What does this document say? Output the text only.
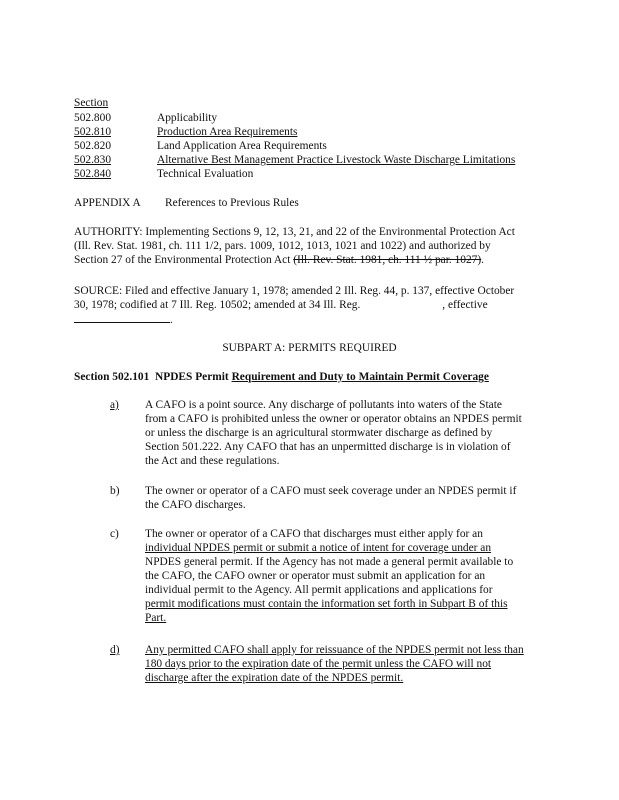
Section
502.800	Applicability
502.810	Production Area Requirements
502.820	Land Application Area Requirements
502.830	Alternative Best Management Practice Livestock Waste Discharge Limitations
502.840	Technical Evaluation
APPENDIX A References to Previous Rules
AUTHORITY: Implementing Sections 9, 12, 13, 21, and 22 of the Environmental Protection Act
(Ill. Rev. Stat. 1981, ch. 111 1/2, pars. 1009, 1012, 1013, 1021 and 1022) and authorized by
Section 27 of the Environmental Protection Act (Ill. Rev. Stat. 1981, ch. 111 ½ par. 1027).
SOURCE: Filed and effective January 1, 1978; amended 2 Ill. Reg. 44, p. 137, effective October
30, 1978; codified at 7 Ill. Reg. 10502; amended at 34 Ill. Reg.	, effective
.
SUBPART A: PERMITS REQUIRED
Section 502.101 NPDES Permit Requirement and Duty to Maintain Permit Coverage
a) A CAFO is a point source. Any discharge of pollutants into waters of the State
from a CAFO is prohibited unless the owner or operator obtains an NPDES permit
or unless the discharge is an agricultural stormwater discharge as defined by
Section 501.222. Any CAFO that has an unpermitted discharge is in violation of
the Act and these regulations.
b) The owner or operator of a CAFO must seek coverage under an NPDES permit if
the CAFO discharges.
c) The owner or operator of a CAFO that discharges must either apply for an
individual NPDES permit or submit a notice of intent for coverage under an
NPDES general permit. If the Agency has not made a general permit available to
the CAFO, the CAFO owner or operator must submit an application for an
individual permit to the Agency. All permit applications and applications for
permit modifications must contain the information set forth in Subpart B of this
Part.
d) Any permitted CAFO shall apply for reissuance of the NPDES permit not less than
180 days prior to the expiration date of the permit unless the CAFO will not
discharge after the expiration date of the NPDES permit.
